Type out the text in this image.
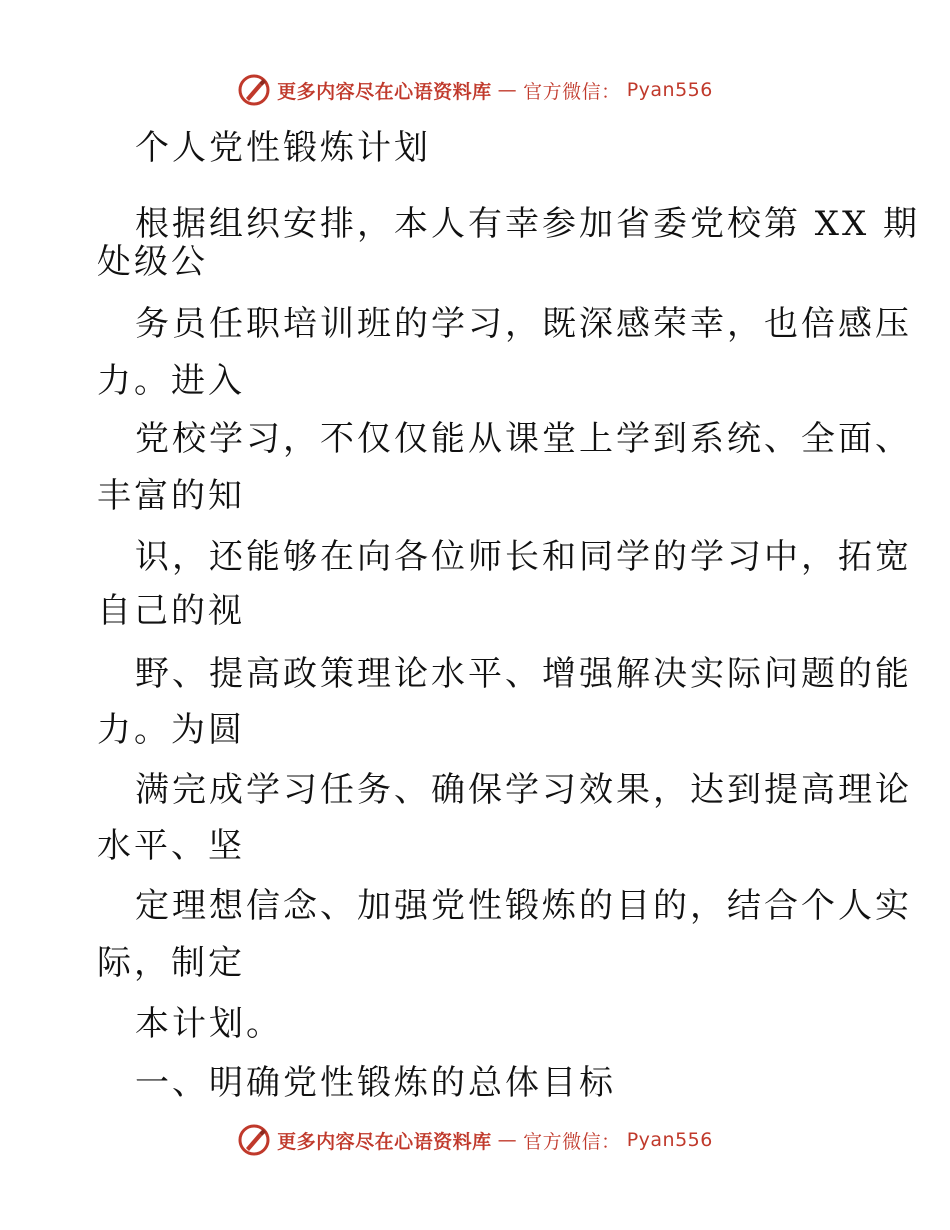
更多内容尽在心语资料库 — 官方微信： Pyan556
个人党性锻炼计划
根据组织安排，本人有幸参加省委党校第 XX 期
处级公
务员任职培训班的学习，既深感荣幸，也倍感压
力。进入
党校学习，不仅仅能从课堂上学到系统、全面、
丰富的知
识，还能够在向各位师长和同学的学习中，拓宽
自己的视
野、提高政策理论水平、增强解决实际问题的能
力。为圆
满完成学习任务、确保学习效果，达到提高理论
水平、坚
定理想信念、加强党性锻炼的目的，结合个人实
际，制定
本计划。
一、明确党性锻炼的总体目标
更多内容尽在心语资料库 — 官方微信： Pyan556
